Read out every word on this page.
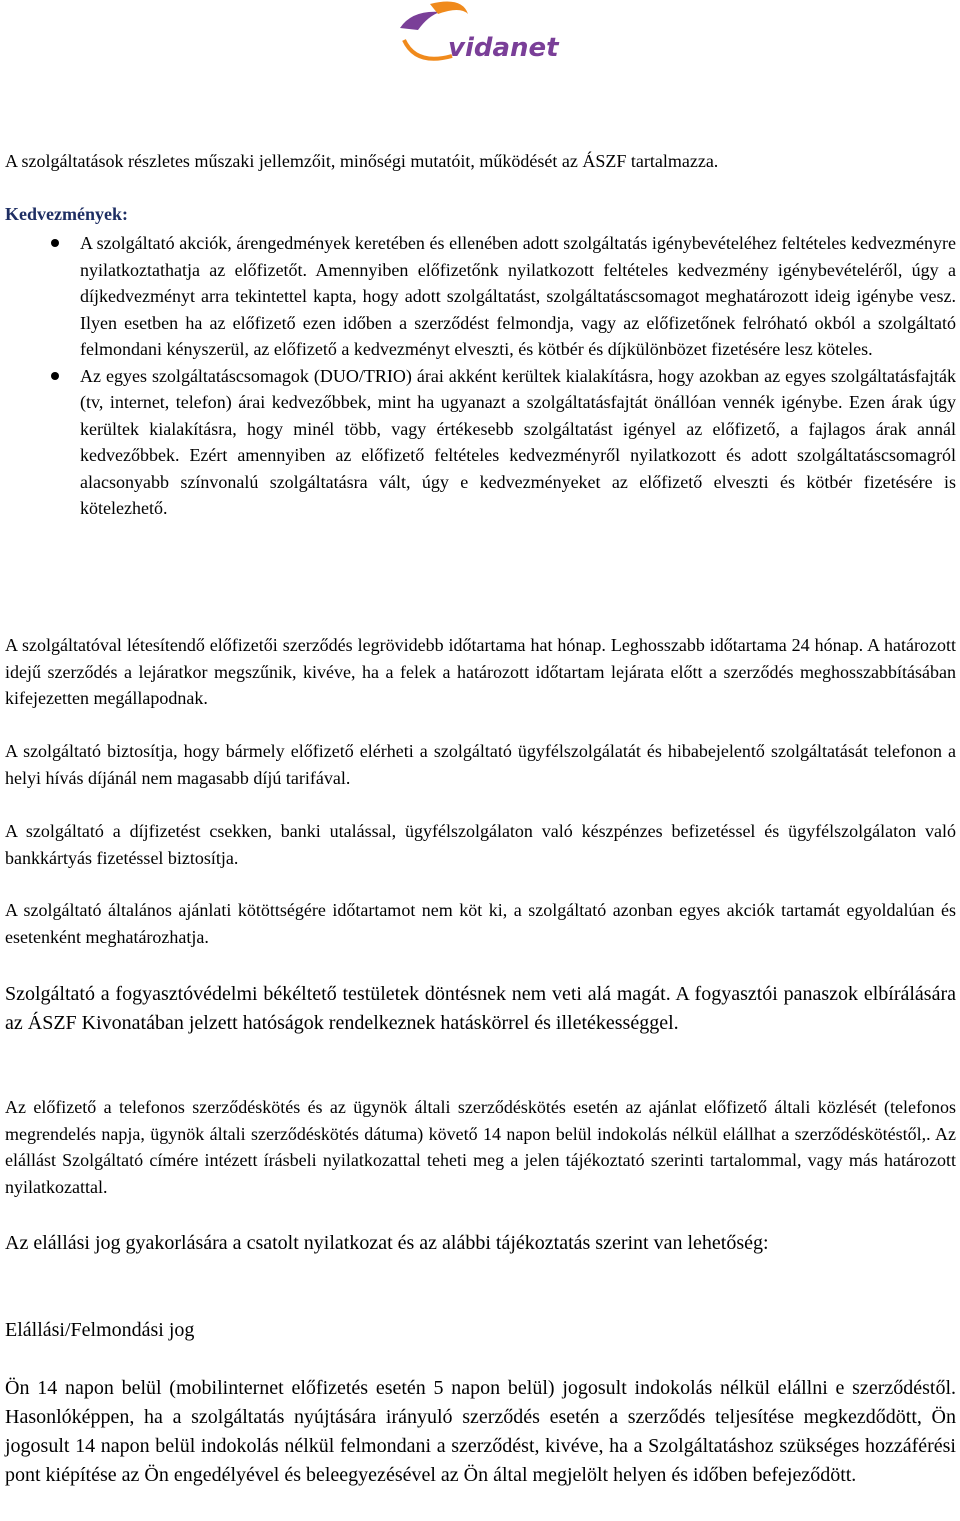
vidanet

A szolgáltatások részletes műszaki jellemzőit, minőségi mutatóit, működését az ÁSZF tartalmazza.

Kedvezmények:

A szolgáltató akciók, árengedmények keretében és ellenében adott szolgáltatás igénybevételéhez feltételes kedvezményre nyilatkoztathatja az előfizetőt. Amennyiben előfizetőnk nyilatkozott feltételes kedvezmény igénybevételéről, úgy a díjkedvezményt arra tekintettel kapta, hogy adott szolgáltatást, szolgáltatáscsomagot meghatározott ideig igénybe vesz. Ilyen esetben ha az előfizető ezen időben a szerződést felmondja, vagy az előfizetőnek felróható okból a szolgáltató felmondani kényszerül, az előfizető a kedvezményt elveszti, és kötbér és díjkülönbözet fizetésére lesz köteles.
Az egyes szolgáltatáscsomagok (DUO/TRIO) árai akként kerültek kialakításra, hogy azokban az egyes szolgáltatásfajták (tv, internet, telefon) árai kedvezőbbek, mint ha ugyanazt a szolgáltatásfajtát önállóan vennék igénybe. Ezen árak úgy kerültek kialakításra, hogy minél több, vagy értékesebb szolgáltatást igényel az előfizető, a fajlagos árak annál kedvezőbbek. Ezért amennyiben az előfizető feltételes kedvezményről nyilatkozott és adott szolgáltatáscsomagról alacsonyabb színvonalú szolgáltatásra vált, úgy e kedvezményeket az előfizető elveszti és kötbér fizetésére is kötelezhető.

A szolgáltatóval létesítendő előfizetői szerződés legrövidebb időtartama hat hónap. Leghosszabb időtartama 24 hónap. A határozott idejű szerződés a lejáratkor megszűnik, kivéve, ha a felek a határozott időtartam lejárata előtt a szerződés meghosszabbításában kifejezetten megállapodnak.

A szolgáltató biztosítja, hogy bármely előfizető elérheti a szolgáltató ügyfélszolgálatát és hibabejelentő szolgáltatását telefonon a helyi hívás díjánál nem magasabb díjú tarifával.

A szolgáltató a díjfizetést csekken, banki utalással, ügyfélszolgálaton való készpénzes befizetéssel és ügyfélszolgálaton való bankkártyás fizetéssel biztosítja.

A szolgáltató általános ajánlati kötöttségére időtartamot nem köt ki, a szolgáltató azonban egyes akciók tartamát egyoldalúan és esetenként meghatározhatja.

Szolgáltató a fogyasztóvédelmi békéltető testületek döntésnek nem veti alá magát. A fogyasztói panaszok elbírálására az ÁSZF Kivonatában jelzett hatóságok rendelkeznek hatáskörrel és illetékességgel.

Az előfizető a telefonos szerződéskötés és az ügynök általi szerződéskötés esetén az ajánlat előfizető általi közlését (telefonos megrendelés napja, ügynök általi szerződéskötés dátuma) követő 14 napon belül indokolás nélkül elállhat a szerződéskötéstől,. Az elállást Szolgáltató címére intézett írásbeli nyilatkozattal teheti meg a jelen tájékoztató szerinti tartalommal, vagy más határozott nyilatkozattal.

Az elállási jog gyakorlására a csatolt nyilatkozat és az alábbi tájékoztatás szerint van lehetőség:

Elállási/Felmondási jog

Ön 14 napon belül (mobilinternet előfizetés esetén 5 napon belül) jogosult indokolás nélkül elállni e szerződéstől. Hasonlóképpen, ha a szolgáltatás nyújtására irányuló szerződés esetén a szerződés teljesítése megkezdődött, Ön jogosult 14 napon belül indokolás nélkül felmondani a szerződést, kivéve, ha a Szolgáltatáshoz szükséges hozzáférési pont kiépítése az Ön engedélyével és beleegyezésével az Ön által megjelölt helyen és időben befejeződött.
